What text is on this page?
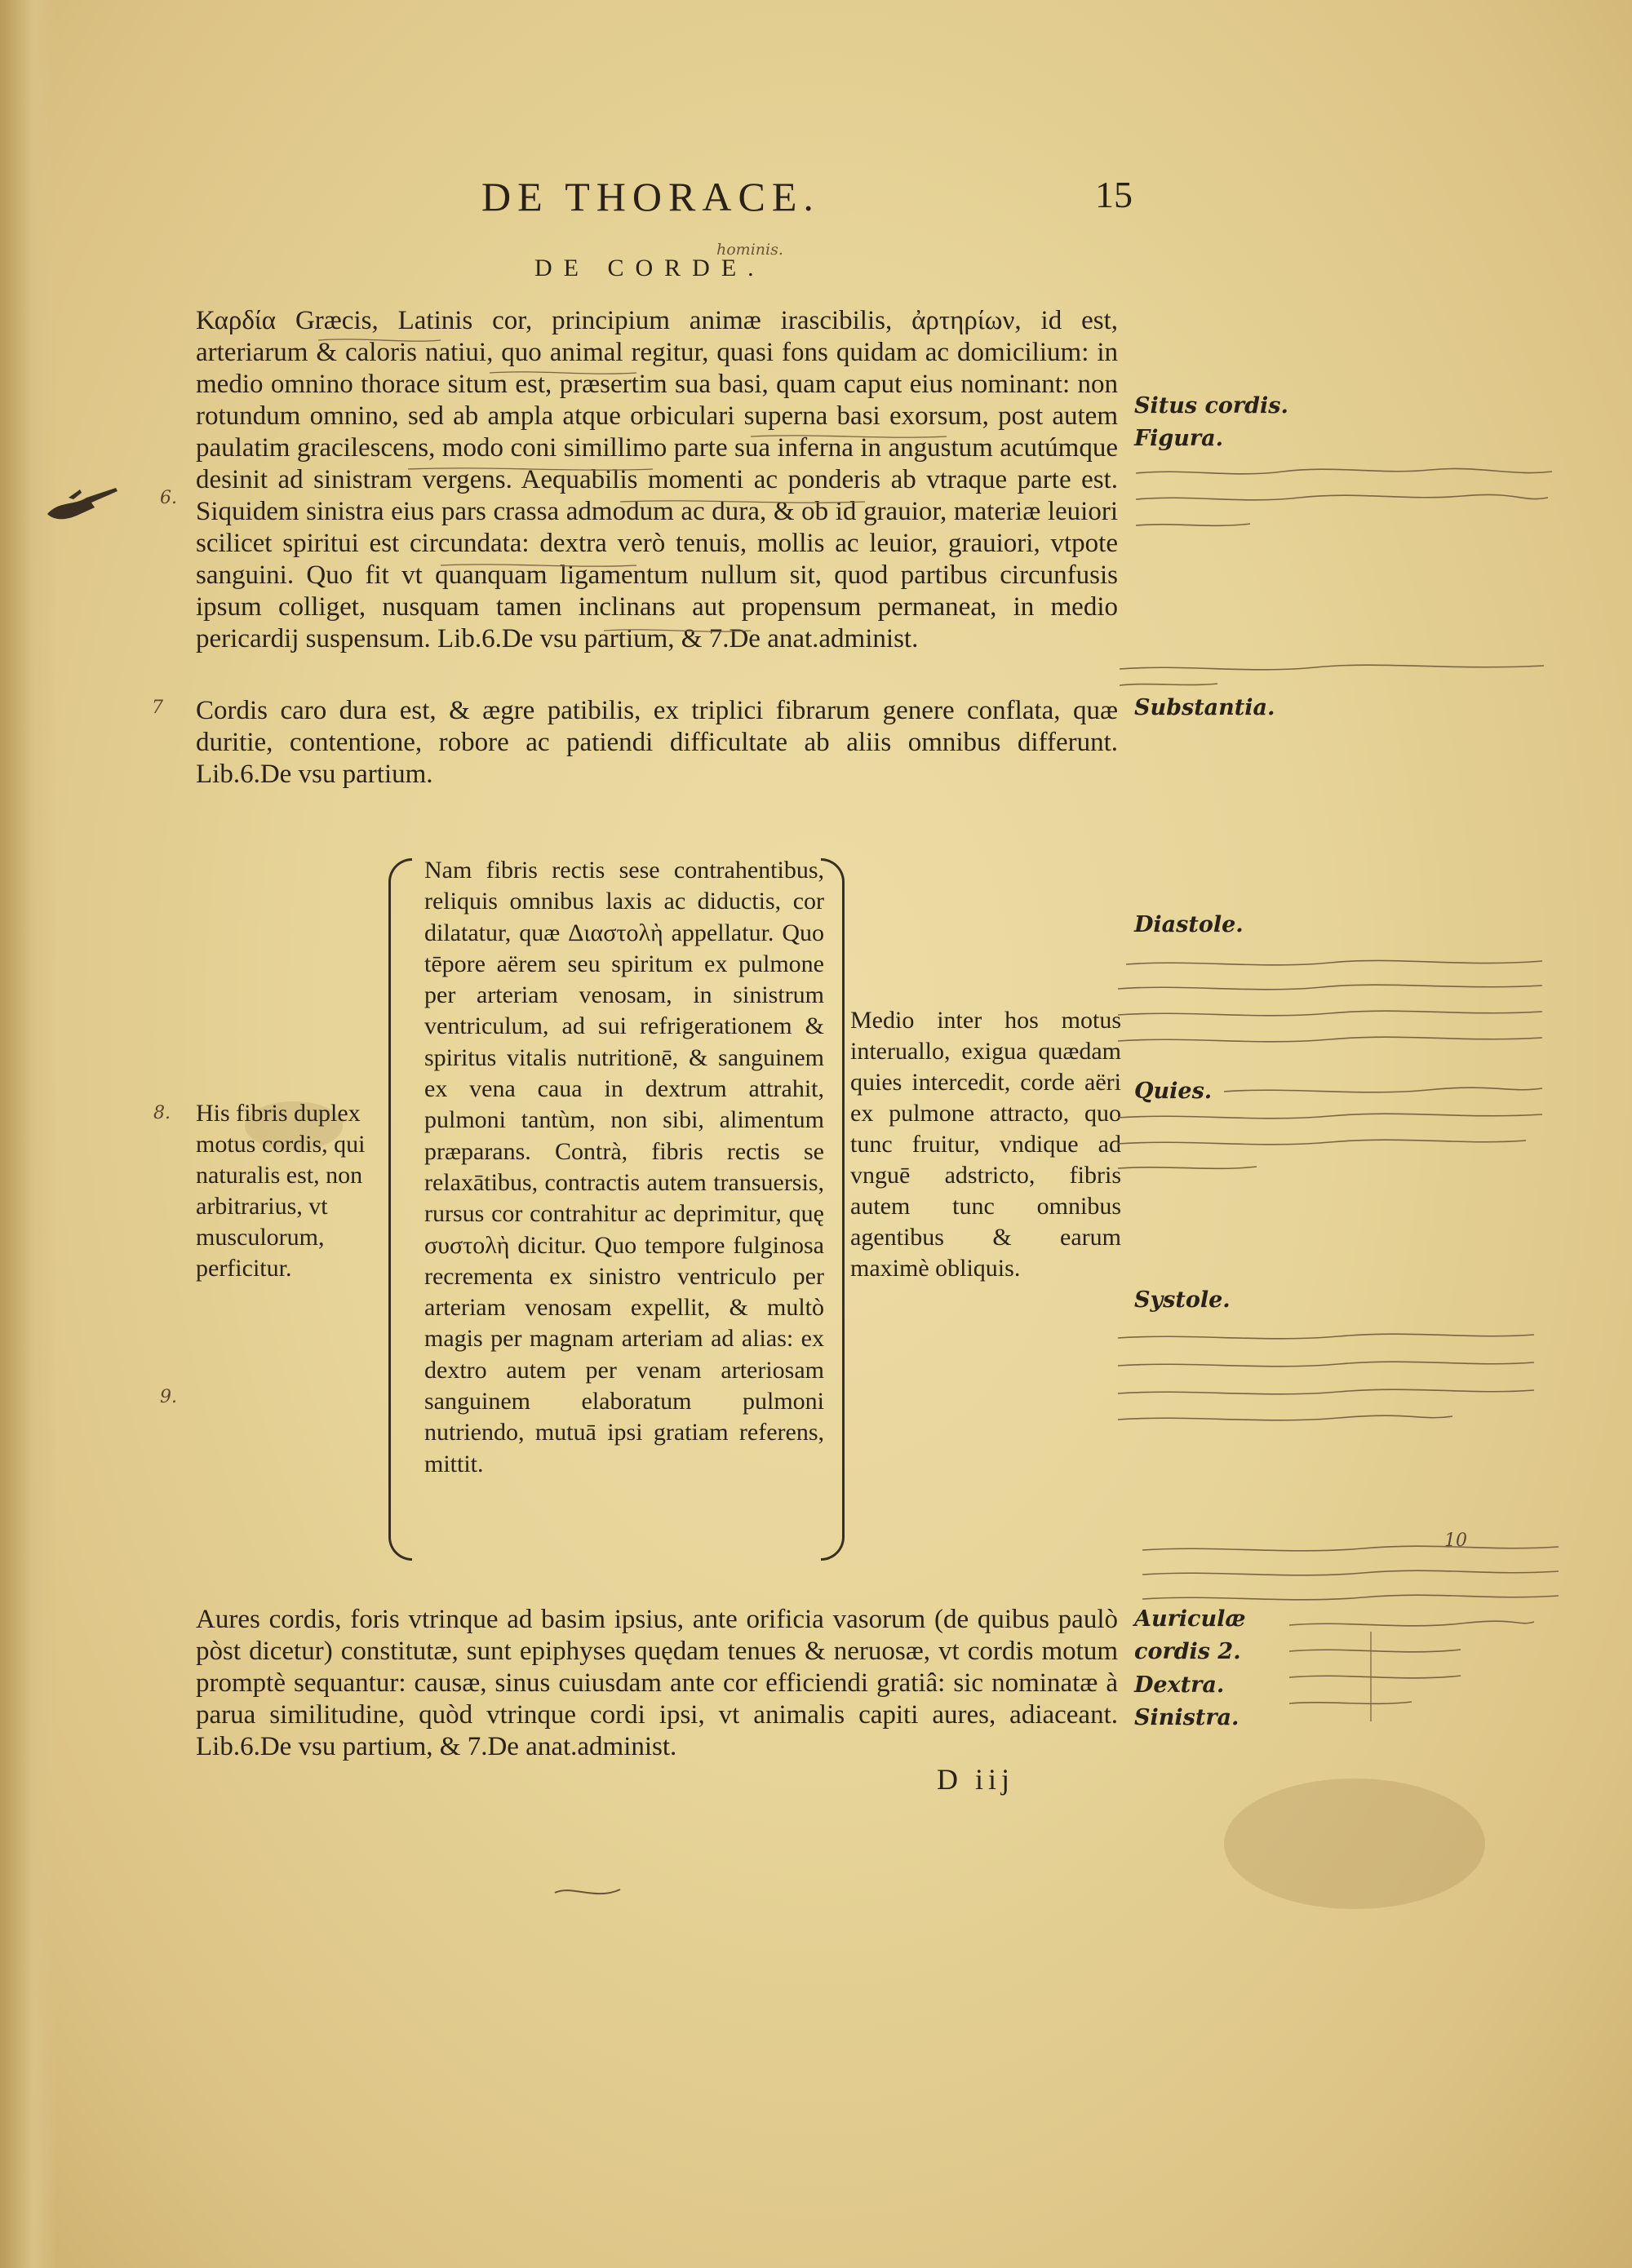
DE THORACE.	15
hominis.
DE CORDE.

Καρδία Græcis, Latinis cor, principium animæ irascibilis, ἀρτηρίων, id est, arteriarum & caloris natiui, quo animal regitur, quasi fons quidam ac domicilium: in medio omnino thorace situm est, præsertim sua basi, quam caput eius nominant: non rotundum omnino, sed ab ampla atque orbiculari superna basi exorsum, post autem paulatim gracilescens, modo coni simillimo parte sua inferna in angustum acutúmque desinit ad sinistram vergens. Aequabilis momenti ac ponderis ab vtraque parte est. Siquidem sinistra eius pars crassa admodum ac dura, & ob id grauior, materiæ leuiori scilicet spiritui est circundata: dextra verò tenuis, mollis ac leuior, grauiori, vtpote sanguini. Quo fit vt quanquam ligamentum nullum sit, quod partibus circunfusis ipsum colliget, nusquam tamen inclinans aut propensum permaneat, in medio pericardij suspensum. Lib.6.De vsu partium, & 7.De anat.administ.

Cordis caro dura est, & ægre patibilis, ex triplici fibrarum genere conflata, quæ duritie, contentione, robore ac patiendi difficultate ab aliis omnibus differunt. Lib.6.De vsu partium.

His fibris duplex motus cordis, qui naturalis est, non arbitrarius, vt musculorum, perficitur.
Nam fibris rectis sese contrahentibus, reliquis omnibus laxis ac diductis, cor dilatatur, quæ Διαστολὴ appellatur. Quo tēpore aërem seu spiritum ex pulmone per arteriam venosam, in sinistrum ventriculum, ad sui refrigerationem & spiritus vitalis nutritionē, & sanguinem ex vena caua in dextrum attrahit, pulmoni tantùm, non sibi, alimentum præparans. Contrà, fibris rectis se relaxātibus, contractis autem transuersis, rursus cor contrahitur ac deprimitur, quę συστολὴ dicitur. Quo tempore fulginosa recrementa ex sinistro ventriculo per arteriam venosam expellit, & multò magis per magnam arteriam ad alias: ex dextro autem per venam arteriosam sanguinem elaboratum pulmoni nutriendo, mutuā ipsi gratiam referens, mittit.
Medio inter hos motus interuallo, exigua quædam quies intercedit, corde aëri ex pulmone attracto, quo tunc fruitur, vndique ad vnguē adstricto, fibris autem tunc omnibus agentibus & earum maximè obliquis.

Aures cordis, foris vtrinque ad basim ipsius, ante orificia vasorum (de quibus paulò pòst dicetur) constitutæ, sunt epiphyses quędam tenues & neruosæ, vt cordis motum promptè sequantur: causæ, sinus cuiusdam ante cor efficiendi gratiâ: sic nominatæ à parua similitudine, quòd vtrinque cordi ipsi, vt animalis capiti aures, adiaceant. Lib.6.De vsu partium, & 7.De anat.administ.

Situs cordis.
Figura.
Substantia.
Diastole.
Quies.
Systole.
Auriculæ cordis 2.
Dextra.
Sinistra.
6.
7
8.
9.
10
D iij
